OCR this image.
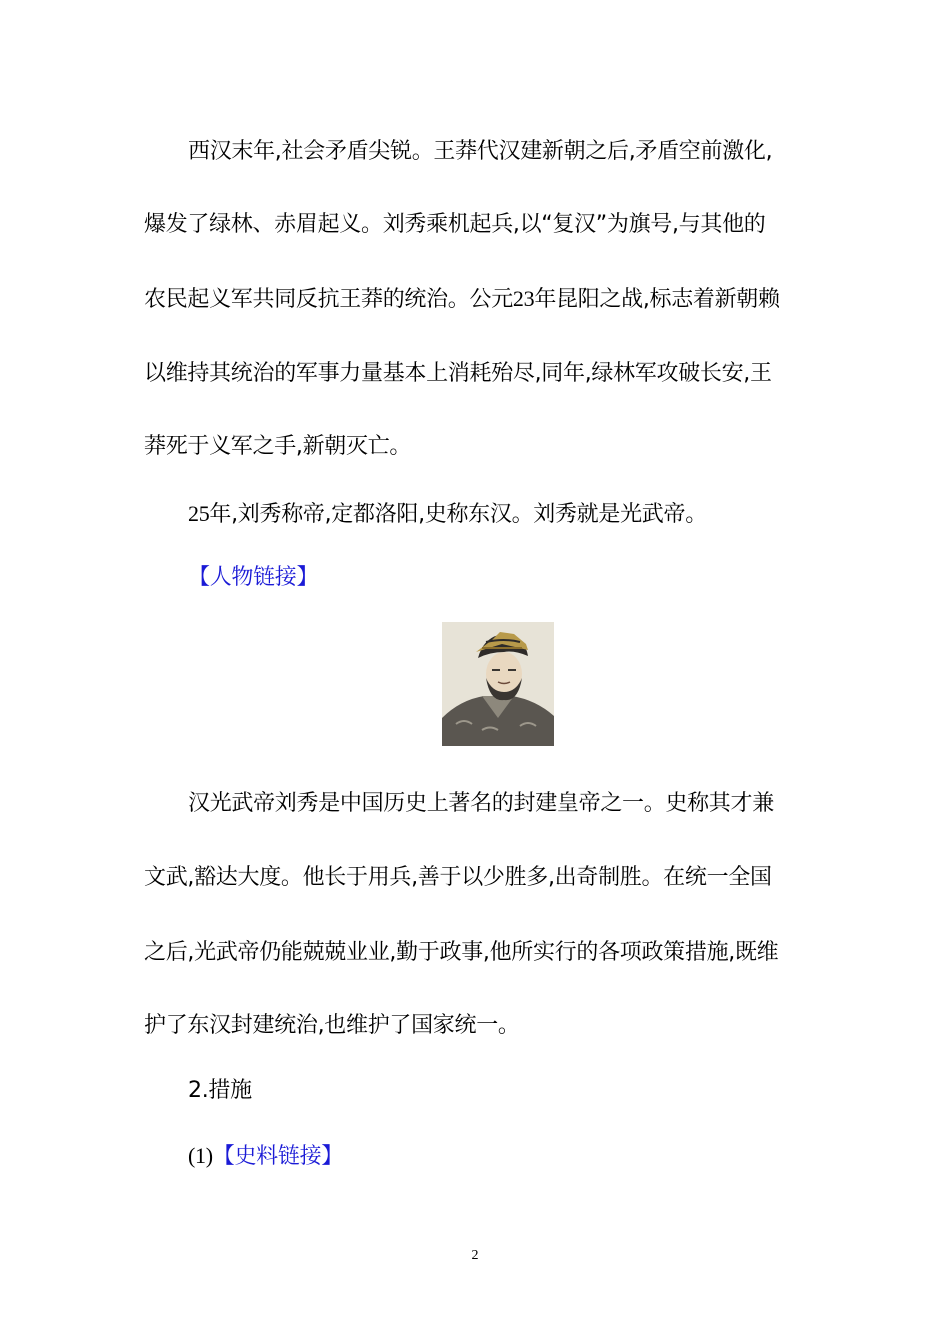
西汉末年,社会矛盾尖锐。王莽代汉建新朝之后,矛盾空前激化,
爆发了绿林、赤眉起义。刘秀乘机起兵,以“复汉”为旗号,与其他的
农民起义军共同反抗王莽的统治。公元23年昆阳之战,标志着新朝赖
以维持其统治的军事力量基本上消耗殆尽,同年,绿林军攻破长安,王
莽死于义军之手,新朝灭亡。
25年,刘秀称帝,定都洛阳,史称东汉。刘秀就是光武帝。
【人物链接】
汉光武帝刘秀是中国历史上著名的封建皇帝之一。史称其才兼
文武,豁达大度。他长于用兵,善于以少胜多,出奇制胜。在统一全国
之后,光武帝仍能兢兢业业,勤于政事,他所实行的各项政策措施,既维
护了东汉封建统治,也维护了国家统一。
2.措施
(1)【史料链接】
2
